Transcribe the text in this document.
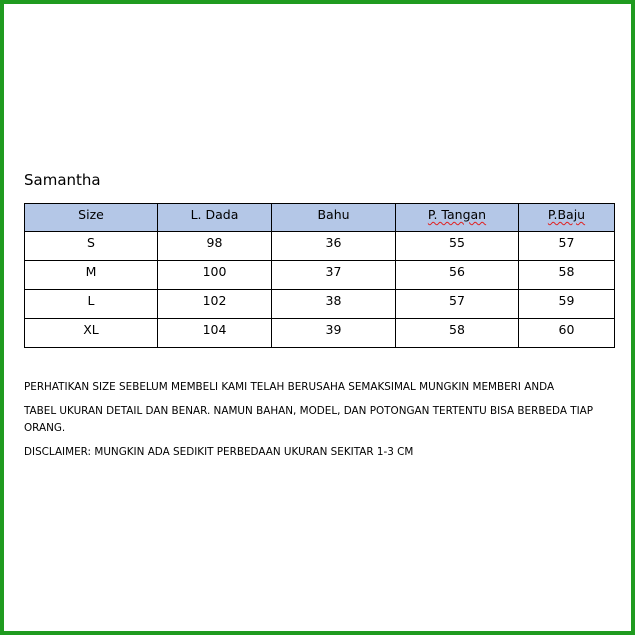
Samantha
Size	L. Dada	Bahu	P. Tangan	P.Baju
S	98	36	55	57
M	100	37	56	58
L	102	38	57	59
XL	104	39	58	60

PERHATIKAN SIZE SEBELUM MEMBELI KAMI TELAH BERUSAHA SEMAKSIMAL MUNGKIN MEMBERI ANDA

TABEL UKURAN DETAIL DAN BENAR. NAMUN BAHAN, MODEL, DAN POTONGAN TERTENTU BISA BERBEDA TIAP ORANG.

DISCLAIMER: MUNGKIN ADA SEDIKIT PERBEDAAN UKURAN SEKITAR 1-3 CM
